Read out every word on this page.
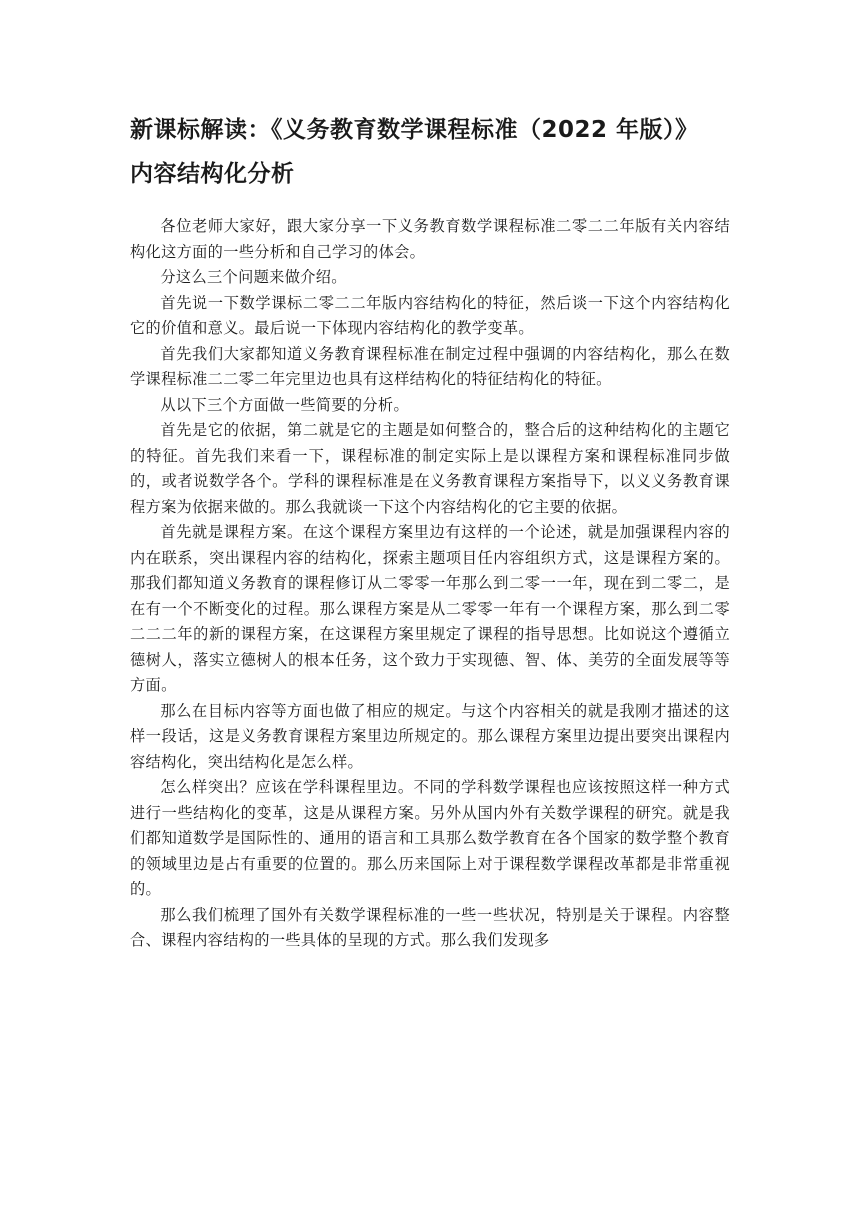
新课标解读：《义务教育数学课程标准（2022 年版）》
内容结构化分析

各位老师大家好，跟大家分享一下义务教育数学课程标准二零二二年版有关内容结构化这方面的一些分析和自己学习的体会。

分这么三个问题来做介绍。

首先说一下数学课标二零二二年版内容结构化的特征，然后谈一下这个内容结构化它的价值和意义。最后说一下体现内容结构化的教学变革。

首先我们大家都知道义务教育课程标准在制定过程中强调的内容结构化，那么在数学课程标准二二零二年完里边也具有这样结构化的特征结构化的特征。

从以下三个方面做一些简要的分析。

首先是它的依据，第二就是它的主题是如何整合的，整合后的这种结构化的主题它的特征。首先我们来看一下，课程标准的制定实际上是以课程方案和课程标准同步做的，或者说数学各个。学科的课程标准是在义务教育课程方案指导下，以义义务教育课程方案为依据来做的。那么我就谈一下这个内容结构化的它主要的依据。

首先就是课程方案。在这个课程方案里边有这样的一个论述，就是加强课程内容的内在联系，突出课程内容的结构化，探索主题项目任内容组织方式，这是课程方案的。那我们都知道义务教育的课程修订从二零零一年那么到二零一一年，现在到二零二，是在有一个不断变化的过程。那么课程方案是从二零零一年有一个课程方案，那么到二零二二二年的新的课程方案，在这课程方案里规定了课程的指导思想。比如说这个遵循立德树人，落实立德树人的根本任务，这个致力于实现德、智、体、美劳的全面发展等等方面。

那么在目标内容等方面也做了相应的规定。与这个内容相关的就是我刚才描述的这样一段话，这是义务教育课程方案里边所规定的。那么课程方案里边提出要突出课程内容结构化，突出结构化是怎么样。

怎么样突出？应该在学科课程里边。不同的学科数学课程也应该按照这样一种方式进行一些结构化的变革，这是从课程方案。另外从国内外有关数学课程的研究。就是我们都知道数学是国际性的、通用的语言和工具那么数学教育在各个国家的数学整个教育的领域里边是占有重要的位置的。那么历来国际上对于课程数学课程改革都是非常重视的。

那么我们梳理了国外有关数学课程标准的一些一些状况，特别是关于课程。内容整合、课程内容结构的一些具体的呈现的方式。那么我们发现多
